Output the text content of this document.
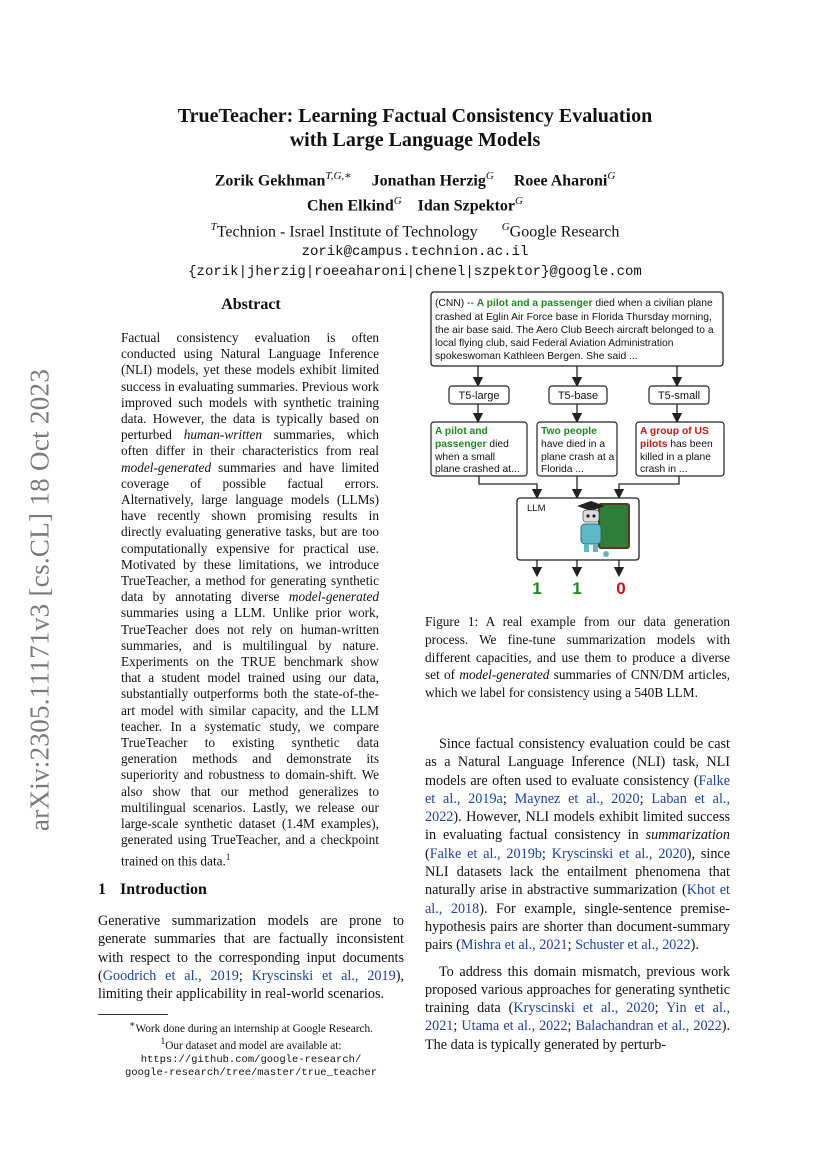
arXiv:2305.11171v3 [cs.CL] 18 Oct 2023
TrueTeacher: Learning Factual Consistency Evaluation
with Large Language Models
Zorik Gekhman$^{T,G,∗}$ Jonathan Herzig$^G$ Roee Aharoni$^G$
Chen Elkind$^G$ Idan Szpektor$^G$
$^T$Technion - Israel Institute of Technology $^G$Google Research
zorik@campus.technion.ac.il
{zorik|jherzig|roeeaharoni|chenel|szpektor}@google.com
Abstract
Factual consistency evaluation is often conducted using Natural Language Inference (NLI) models, yet these models exhibit limited success in evaluating summaries. Previous work improved such models with synthetic training data. However, the data is typically based on perturbed human-written summaries, which often differ in their characteristics from real model-generated summaries and have limited coverage of possible factual errors. Alternatively, large language models (LLMs) have recently shown promising results in directly evaluating generative tasks, but are too computationally expensive for practical use. Motivated by these limitations, we introduce TrueTeacher, a method for generating synthetic data by annotating diverse model-generated summaries using a LLM. Unlike prior work, TrueTeacher does not rely on human-written summaries, and is multilingual by nature. Experiments on the TRUE benchmark show that a student model trained using our data, substantially outperforms both the state-of-the-art model with similar capacity, and the LLM teacher. In a systematic study, we compare TrueTeacher to existing synthetic data generation methods and demonstrate its superiority and robustness to domain-shift. We also show that our method generalizes to multilingual scenarios. Lastly, we release our large-scale synthetic dataset (1.4M examples), generated using TrueTeacher, and a checkpoint trained on this data.$^1$
1 Introduction
Generative summarization models are prone to generate summaries that are factually inconsistent with respect to the corresponding input documents (Goodrich et al., 2019; Kryscinski et al., 2019), limiting their applicability in real-world scenarios.
∗Work done during an internship at Google Research.
$^1$Our dataset and model are available at:
https://github.com/google-research/
google-research/tree/master/true_teacher
(CNN) -- A pilot and a passenger died when a civilian plane
crashed at Eglin Air Force base in Florida Thursday morning,
the air base said. The Aero Club Beech aircraft belonged to a
local flying club, said Federal Aviation Administration
spokeswoman Kathleen Bergen. She said ...
T5-large	T5-base	T5-small
A pilot and
passenger died
when a small
plane crashed at...
Two people
have died in a
plane crash at a
Florida ...
A group of US
pilots has been
killed in a plane
crash in ...
LLM
1 1 0
Figure 1: A real example from our data generation process. We fine-tune summarization models with different capacities, and use them to produce a diverse set of model-generated summaries of CNN/DM articles, which we label for consistency using a 540B LLM.

Since factual consistency evaluation could be cast as a Natural Language Inference (NLI) task, NLI models are often used to evaluate consistency (Falke et al., 2019a; Maynez et al., 2020; Laban et al., 2022). However, NLI models exhibit limited success in evaluating factual consistency in summarization (Falke et al., 2019b; Kryscinski et al., 2020), since NLI datasets lack the entailment phenomena that naturally arise in abstractive summarization (Khot et al., 2018). For example, single-sentence premise-hypothesis pairs are shorter than document-summary pairs (Mishra et al., 2021; Schuster et al., 2022).

To address this domain mismatch, previous work proposed various approaches for generating synthetic training data (Kryscinski et al., 2020; Yin et al., 2021; Utama et al., 2022; Balachandran et al., 2022). The data is typically generated by perturb-
